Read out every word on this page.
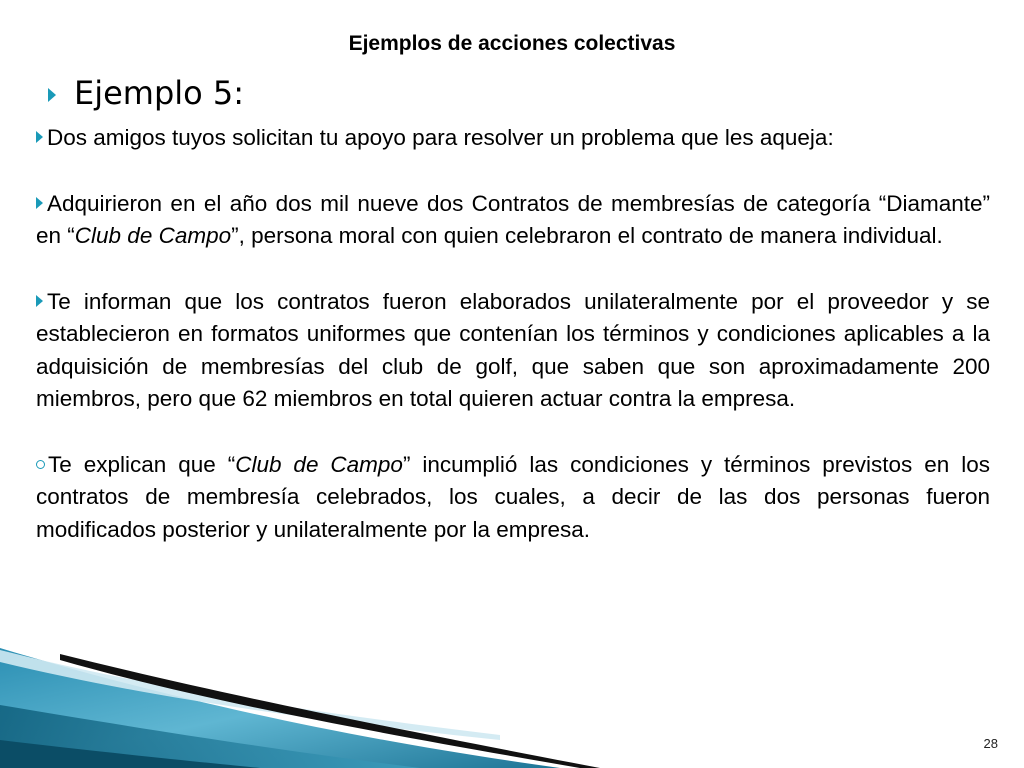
Ejemplos de acciones colectivas
Ejemplo 5:

Dos amigos tuyos solicitan tu apoyo para resolver un problema que les aqueja:

Adquirieron en el año dos mil nueve dos Contratos de membresías de categoría “Diamante” en “Club de Campo”, persona moral con quien celebraron el contrato de manera individual.

Te informan que los contratos fueron elaborados unilateralmente por el proveedor y se establecieron en formatos uniformes que contenían los términos y condiciones aplicables a la adquisición de membresías del club de golf, que saben que son aproximadamente 200 miembros, pero que 62 miembros en total quieren actuar contra la empresa.

Te explican que “Club de Campo” incumplió las condiciones y términos previstos en los contratos de membresía celebrados, los cuales, a decir de las dos personas fueron modificados posterior y unilateralmente por la empresa.

28
